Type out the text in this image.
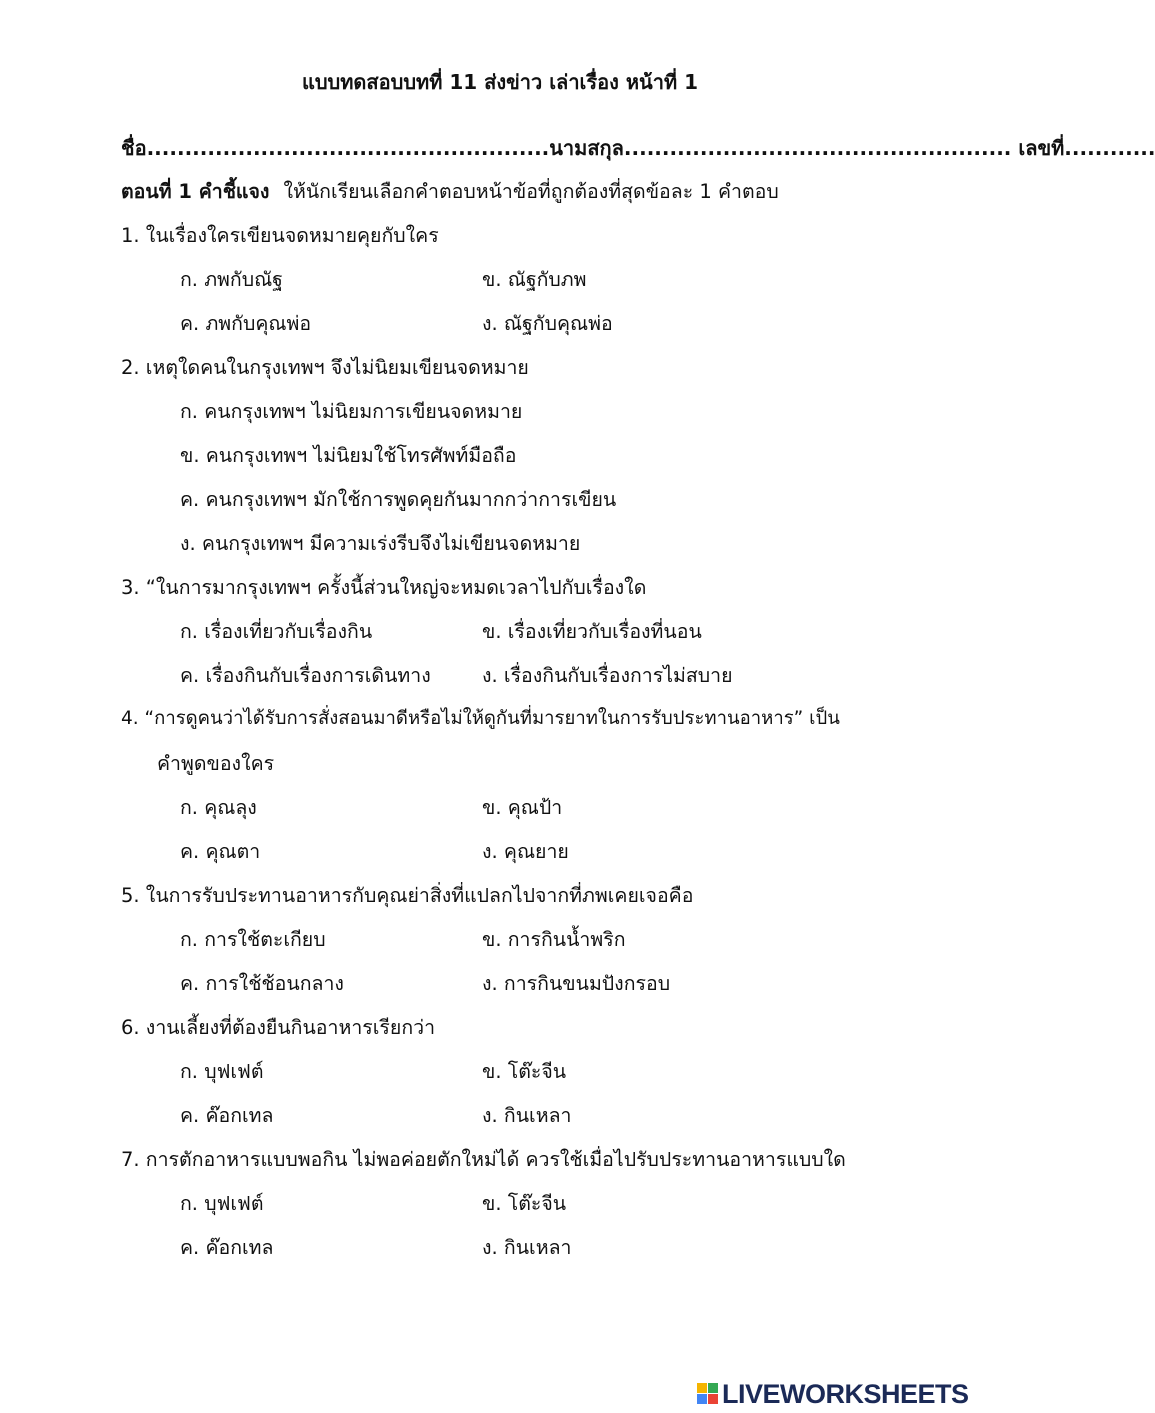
แบบทดสอบบทที่ 11 ส่งข่าว เล่าเรื่อง หน้าที่ 1
ชื่อ.....................................................นามสกุล................................................... เลขที่............
ตอนที่ 1 คำชี้แจง ให้นักเรียนเลือกคำตอบหน้าข้อที่ถูกต้องที่สุดข้อละ 1 คำตอบ
1. ในเรื่องใครเขียนจดหมายคุยกับใคร
ก. ภพกับณัฐ	ข. ณัฐกับภพ
ค. ภพกับคุณพ่อ	ง. ณัฐกับคุณพ่อ
2. เหตุใดคนในกรุงเทพฯ จึงไม่นิยมเขียนจดหมาย
ก. คนกรุงเทพฯ ไม่นิยมการเขียนจดหมาย
ข. คนกรุงเทพฯ ไม่นิยมใช้โทรศัพท์มือถือ
ค. คนกรุงเทพฯ มักใช้การพูดคุยกันมากกว่าการเขียน
ง. คนกรุงเทพฯ มีความเร่งรีบจึงไม่เขียนจดหมาย
3. “ในการมากรุงเทพฯ ครั้งนี้ส่วนใหญ่จะหมดเวลาไปกับเรื่องใด
ก. เรื่องเที่ยวกับเรื่องกิน	ข. เรื่องเที่ยวกับเรื่องที่นอน
ค. เรื่องกินกับเรื่องการเดินทาง	ง. เรื่องกินกับเรื่องการไม่สบาย
4. “การดูคนว่าได้รับการสั่งสอนมาดีหรือไม่ให้ดูกันที่มารยาทในการรับประทานอาหาร” เป็น
คำพูดของใคร
ก. คุณลุง	ข. คุณป้า
ค. คุณตา	ง. คุณยาย
5. ในการรับประทานอาหารกับคุณย่าสิ่งที่แปลกไปจากที่ภพเคยเจอคือ
ก. การใช้ตะเกียบ	ข. การกินน้ำพริก
ค. การใช้ช้อนกลาง	ง. การกินขนมปังกรอบ
6. งานเลี้ยงที่ต้องยืนกินอาหารเรียกว่า
ก. บุฟเฟต์	ข. โต๊ะจีน
ค. ค๊อกเทล	ง. กินเหลา
7. การตักอาหารแบบพอกิน ไม่พอค่อยตักใหม่ได้ ควรใช้เมื่อไปรับประทานอาหารแบบใด
ก. บุฟเฟต์	ข. โต๊ะจีน
ค. ค๊อกเทล	ง. กินเหลา
LIVEWORKSHEETS
